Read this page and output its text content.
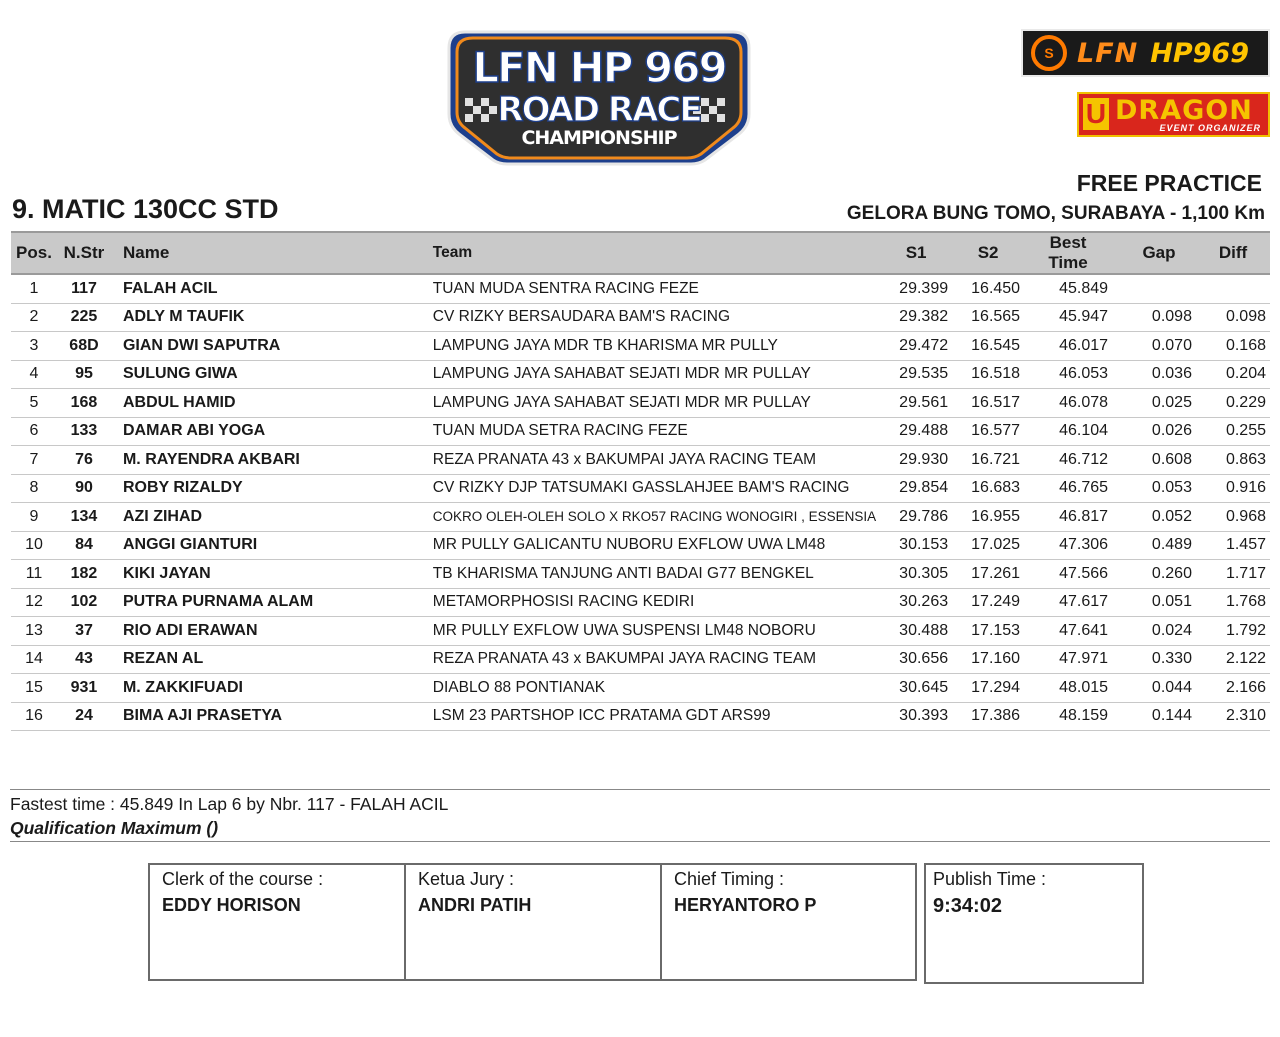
LFN HP 969
ROAD RACE
CHAMPIONSHIP
S LFN HP969
U DRAGON
EVENT ORGANIZER
9. MATIC 130CC STD
FREE PRACTICE
GELORA BUNG TOMO, SURABAYA - 1,100 Km
Pos.	N.Str	Name	Team	S1	S2	Best Time	Gap	Diff
1	117	FALAH ACIL	TUAN MUDA SENTRA RACING FEZE	29.399	16.450	45.849		
2	225	ADLY M TAUFIK	CV RIZKY BERSAUDARA BAM'S RACING	29.382	16.565	45.947	0.098	0.098
3	68D	GIAN DWI SAPUTRA	LAMPUNG JAYA MDR TB KHARISMA MR PULLY	29.472	16.545	46.017	0.070	0.168
4	95	SULUNG GIWA	LAMPUNG JAYA SAHABAT SEJATI MDR MR PULLAY	29.535	16.518	46.053	0.036	0.204
5	168	ABDUL HAMID	LAMPUNG JAYA SAHABAT SEJATI MDR MR PULLAY	29.561	16.517	46.078	0.025	0.229
6	133	DAMAR ABI YOGA	TUAN MUDA SETRA RACING FEZE	29.488	16.577	46.104	0.026	0.255
7	76	M. RAYENDRA AKBARI	REZA PRANATA 43 x BAKUMPAI JAYA RACING TEAM	29.930	16.721	46.712	0.608	0.863
8	90	ROBY RIZALDY	CV RIZKY DJP TATSUMAKI GASSLAHJEE BAM'S RACING	29.854	16.683	46.765	0.053	0.916
9	134	AZI ZIHAD	COKRO OLEH-OLEH SOLO X RKO57 RACING WONOGIRI , ESSENSIA	29.786	16.955	46.817	0.052	0.968
10	84	ANGGI GIANTURI	MR PULLY GALICANTU NUBORU EXFLOW UWA LM48	30.153	17.025	47.306	0.489	1.457
11	182	KIKI JAYAN	TB KHARISMA TANJUNG ANTI BADAI G77 BENGKEL	30.305	17.261	47.566	0.260	1.717
12	102	PUTRA PURNAMA ALAM	METAMORPHOSISI RACING KEDIRI	30.263	17.249	47.617	0.051	1.768
13	37	RIO ADI ERAWAN	MR PULLY EXFLOW UWA SUSPENSI LM48 NOBORU	30.488	17.153	47.641	0.024	1.792
14	43	REZAN AL	REZA PRANATA 43 x BAKUMPAI JAYA RACING TEAM	30.656	17.160	47.971	0.330	2.122
15	931	M. ZAKKIFUADI	DIABLO 88 PONTIANAK	30.645	17.294	48.015	0.044	2.166
16	24	BIMA AJI PRASETYA	LSM 23 PARTSHOP ICC PRATAMA GDT ARS99	30.393	17.386	48.159	0.144	2.310
Fastest time : 45.849 In Lap 6 by Nbr. 117 - FALAH ACIL
Qualification Maximum ()
Clerk of the course :
EDDY HORISON
Ketua Jury :
ANDRI PATIH
Chief Timing :
HERYANTORO P
Publish Time :
9:34:02
